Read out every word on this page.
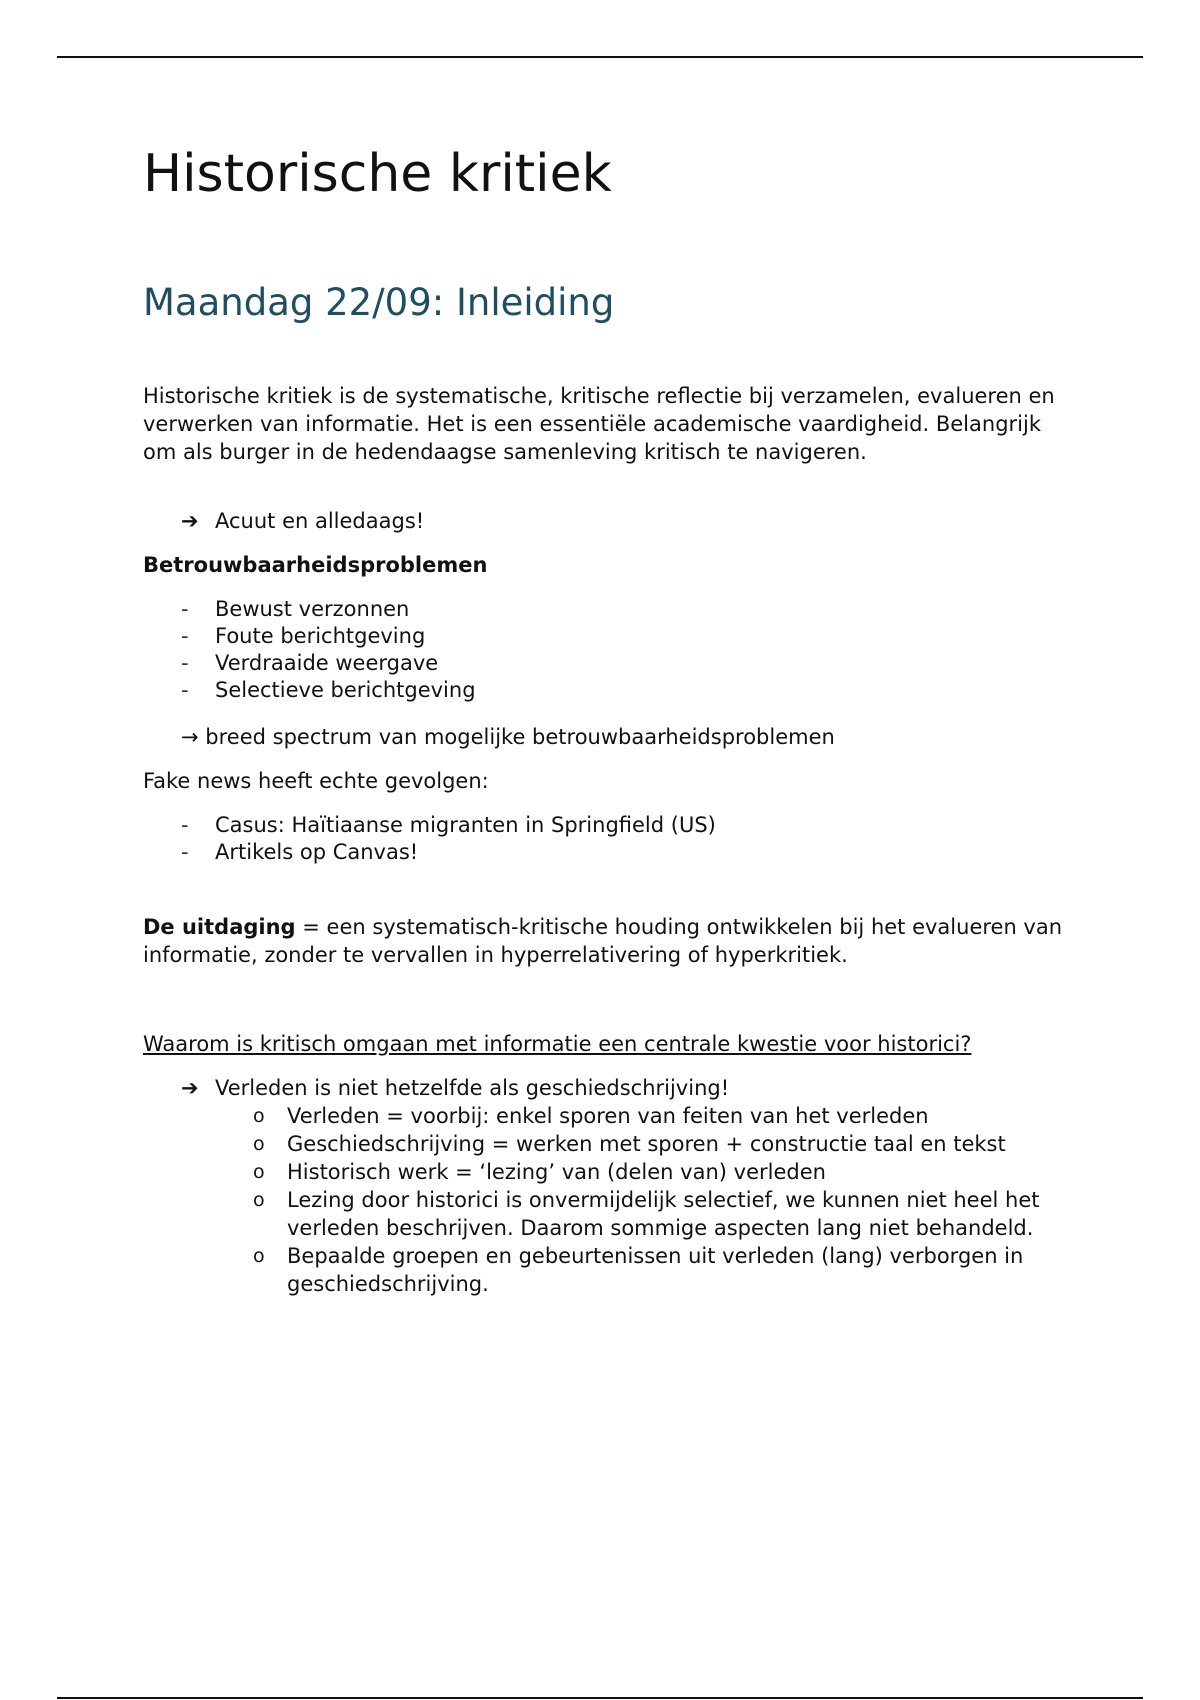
Historische kritiek
Maandag 22/09: Inleiding

Historische kritiek is de systematische, kritische reflectie bij verzamelen, evalueren en verwerken van informatie. Het is een essentiële academische vaardigheid. Belangrijk om als burger in de hedendaagse samenleving kritisch te navigeren.

➔ Acuut en alledaags!

Betrouwbaarheidsproblemen

- Bewust verzonnen
- Foute berichtgeving
- Verdraaide weergave
- Selectieve berichtgeving
→ breed spectrum van mogelijke betrouwbaarheidsproblemen

Fake news heeft echte gevolgen:

- Casus: Haïtiaanse migranten in Springfield (US)
- Artikels op Canvas!

De uitdaging = een systematisch-kritische houding ontwikkelen bij het evalueren van informatie, zonder te vervallen in hyperrelativering of hyperkritiek.

Waarom is kritisch omgaan met informatie een centrale kwestie voor historici?

➔ Verleden is niet hetzelfde als geschiedschrijving!
o Verleden = voorbij: enkel sporen van feiten van het verleden
o Geschiedschrijving = werken met sporen + constructie taal en tekst
o Historisch werk = ‘lezing’ van (delen van) verleden
o Lezing door historici is onvermijdelijk selectief, we kunnen niet heel het verleden beschrijven. Daarom sommige aspecten lang niet behandeld.
o Bepaalde groepen en gebeurtenissen uit verleden (lang) verborgen in geschiedschrijving.
